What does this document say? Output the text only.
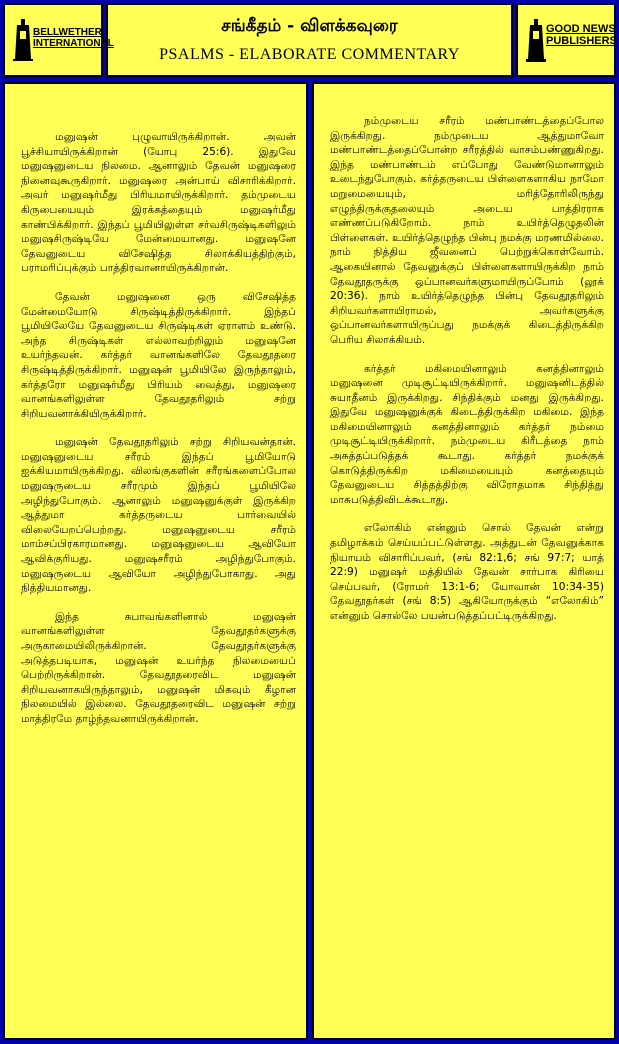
BELLWETHER
INTERNATIONAL
சங்கீதம் - விளக்கவுரை
PSALMS - ELABORATE COMMENTARY
GOOD NEWS
PUBLISHERS

மனுஷன் புழுவாயிருக்கிறான். அவன் பூச்சியாயிருக்கிறான் (யோபு 25:6). இதுவே மனுஷனுடைய நிலமை. ஆனாலும் தேவன் மனுஷரை நினைவுகூருகிறார். மனுஷரை அன்பாய் விசாரிக்கிறார். அவர் மனுஷர்மீது பிரியமாயிருக்கிறார். தம்முடைய கிருபையையும் இரக்கத்தையும் மனுஷர்மீது காண்பிக்கிறார். இந்தப் பூமியிலுள்ள சர்வசிருஷ்டிகளிலும் மனுஷசிருஷ்டியே மேன்மையானது. மனுஷனே தேவனுடைய விசேஷித்த சிலாக்கியத்திற்கும், பராமரிப்புக்கும் பாத்திரவானாயிருக்கிறான்.

தேவன் மனுஷனை ஒரு விசேஷித்த மேன்மையோடு சிருஷ்டித்திருக்கிறார். இந்தப் பூமியிலேயே தேவனுடைய சிருஷ்டிகள் ஏராளம் உண்டு. அந்த சிருஷ்டிகள் எல்லாவற்றிலும் மனுஷனே உயர்ந்தவன். கர்த்தர் வானங்களிலே தேவதூதரை சிருஷ்டித்திருக்கிறார். மனுஷன் பூமியிலே இருந்தாலும், கர்த்தரோ மனுஷர்மீது பிரியம் வைத்து, மனுஷரை வானங்களிலுள்ள தேவதூதரிலும் சற்று சிறியவனாக்கியிருக்கிறார்.

மனுஷன் தேவதூதரிலும் சற்று சிறியவன்தான். மனுஷனுடைய சரீரம் இந்தப் பூமியோடு ஐக்கியமாயிருக்கிறது. விலங்குகளின் சரீரங்களைப்போல மனுஷருடைய சரீரமும் இந்தப் பூமியிலே அழிந்துபோகும். ஆனாலும் மனுஷனுக்குள் இருக்கிற ஆத்துமா கர்த்தருடைய பார்வையில் விலையேறப்பெற்றது. மனுஷனுடைய சரீரம் மாம்சப்பிரகாரமானது. மனுஷனுடைய ஆவியோ ஆவிக்குரியது. மனுஷசரீரம் அழிந்துபோகும். மனுஷருடைய ஆவியோ அழிந்துபோகாது. அது நித்தியமானது.

இந்த சுபாவங்களினால் மனுஷன் வானங்களிலுள்ள தேவதூதர்களுக்கு அருகாமையிலிருக்கிறான். தேவதூதர்களுக்கு அடுத்தபடியாக, மனுஷன் உயர்ந்த நிலமையைப் பெற்றிருக்கிறான். தேவதூதரைவிட மனுஷன் சிறியவனாகயிருந்தாலும், மனுஷன் மிகவும் கீழான நிலமையில் இல்லை. தேவதூதரைவிட மனுஷன் சற்று மாத்திரமே தாழ்ந்தவனாயிருக்கிறான்.

நம்முடைய சரீரம் மண்பாண்டத்தைப்போல இருக்கிறது. நம்முடைய ஆத்துமாவோ மண்பாண்டத்தைப்போன்ற சரீரத்தில் வாசம்பண்ணுகிறது. இந்த மண்பாண்டம் எப்போது வேண்டுமானாலும் உடைந்துபோகும். கர்த்தருடைய பிள்ளைகளாகிய நாமோ மறுமையையும், மரித்தோரிலிருந்து எழுந்திருக்குதலையும் அடைய பாத்திரராக எண்ணப்படுகிறோம். நாம் உயிர்த்தெழுதலின் பிள்ளைகள். உயிர்த்தெழுந்த பின்பு நமக்கு மரணமில்லை. நாம் நித்திய ஜீவனைப் பெற்றுக்கொள்வோம். ஆகையினால் தேவனுக்குப் பிள்ளைகளாயிருக்கிற நாம் தேவதூதருக்கு ஒப்பானவர்களுமாயிருப்போம் (லூக் 20:36). நாம் உயிர்த்தெழுந்த பின்பு தேவதூதரிலும் சிறியவர்களாயிராமல், அவர்களுக்கு ஒப்பானவர்களாயிருப்பது நமக்குக் கிடைத்திருக்கிற பெரிய சிலாக்கியம்.

கர்த்தர் மகிமையினாலும் கனத்தினாலும் மனுஷனை முடிசூட்டியிருக்கிறார். மனுஷனிடத்தில் சுயாதீனம் இருக்கிறது. சிந்திக்கும் மனது இருக்கிறது. இதுவே மனுஷனுக்குக் கிடைத்திருக்கிற மகிமை. இந்த மகிமையினாலும் கனத்தினாலும் கர்த்தர் நம்மை முடிசூட்டியிருக்கிறார். நம்முடைய கிரீடத்தை நாம் அசுத்தப்படுத்தக் கூடாது. கர்த்தர் நமக்குக் கொடுத்திருக்கிற மகிமையையும் கனத்தையும் தேவனுடைய சித்தத்திற்கு விரோதமாக சிந்தித்து மாசுபடுத்திவிடக்கூடாது.

எலோகிம் என்னும் சொல் தேவன் என்று தமிழாக்கம் செய்யப்பட்டுள்ளது. அத்துடன் தேவனுக்காக நியாயம் விசாரிப்பவர், (சங் 82:1,6; சங் 97:7; யாத் 22:9) மனுஷர் மத்தியில் தேவன் சார்பாக கிரியை செய்பவர், (ரோமர் 13:1-6; யோவான் 10:34-35) தேவதூதர்கள் (சங் 8:5) ஆகியோருக்கும் “எலோகிம்” என்னும் சொல்லே பயன்படுத்தப்பட்டிருக்கிறது.
